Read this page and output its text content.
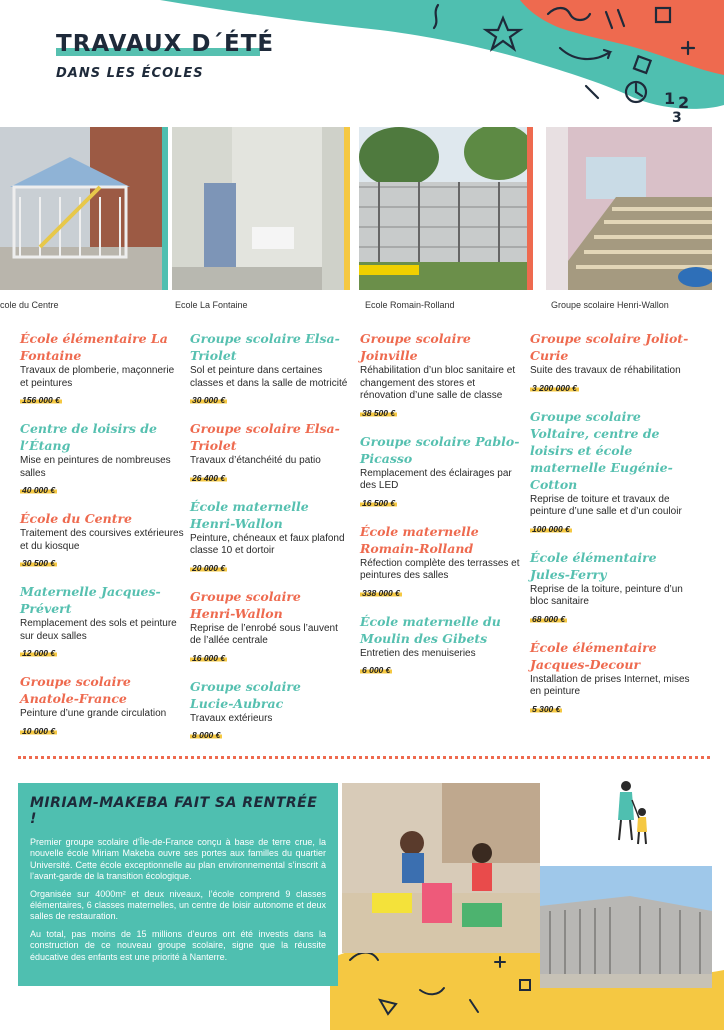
1 2
3
TRAVAUX D´ÉTÉ
DANS LES ÉCOLES
cole du Centre	Ecole La Fontaine	Ecole Romain-Rolland	Groupe scolaire Henri-Wallon
École élémentaire La Fontaine
Travaux de plomberie, maçonnerie et peintures
156 000 €
Centre de loisirs de l’Étang
Mise en peintures de nombreuses salles
40 000 €
École du Centre
Traitement des coursives extérieures et du kiosque
30 500 €
Maternelle Jacques-Prévert
Remplacement des sols et peinture sur deux salles
12 000 €
Groupe scolaire Anatole-France
Peinture d’une grande circulation
10 000 €
Groupe scolaire Elsa-Triolet
Sol et peinture dans certaines classes et dans la salle de motricité
30 000 €
Groupe scolaire Elsa-Triolet
Travaux d’étanchéité du patio
26 400 €
École maternelle Henri-Wallon
Peinture, chéneaux et faux plafond classe 10 et dortoir
20 000 €
Groupe scolaire Henri-Wallon
Reprise de l’enrobé sous l’auvent de l’allée centrale
16 000 €
Groupe scolaire Lucie-Aubrac
Travaux extérieurs
8 000 €
Groupe scolaire Joinville
Réhabilitation d’un bloc sanitaire et changement des stores et rénovation d’une salle de classe
38 500 €
Groupe scolaire Pablo-Picasso
Remplacement des éclairages par des LED
16 500 €
École maternelle Romain-Rolland
Réfection complète des terrasses et peintures des salles
338 000 €
École maternelle du Moulin des Gibets
Entretien des menuiseries
6 000 €
Groupe scolaire Joliot-Curie
Suite des travaux de réhabilitation
3 200 000 €
Groupe scolaire Voltaire, centre de loisirs et école maternelle Eugénie-Cotton
Reprise de toiture et travaux de peinture d’une salle et d’un couloir
100 000 €
École élémentaire Jules-Ferry
Reprise de la toiture, peinture d’un bloc sanitaire
68 000 €
École élémentaire Jacques-Decour
Installation de prises Internet, mises en peinture
5 300 €
MIRIAM-MAKEBA FAIT SA RENTRÉE !

Premier groupe scolaire d’Île-de-France conçu à base de terre crue, la nouvelle école Miriam Makeba ouvre ses portes aux familles du quartier Université. Cette école exceptionnelle au plan environnemental s’inscrit à l’avant-garde de la transition écologique.

Organisée sur 4000m² et deux niveaux, l’école comprend 9 classes élémentaires, 6 classes maternelles, un centre de loisir autonome et deux salles de restauration.

Au total, pas moins de 15 millions d’euros ont été investis dans la construction de ce nouveau groupe scolaire, signe que la réussite éducative des enfants est une priorité à Nanterre.
